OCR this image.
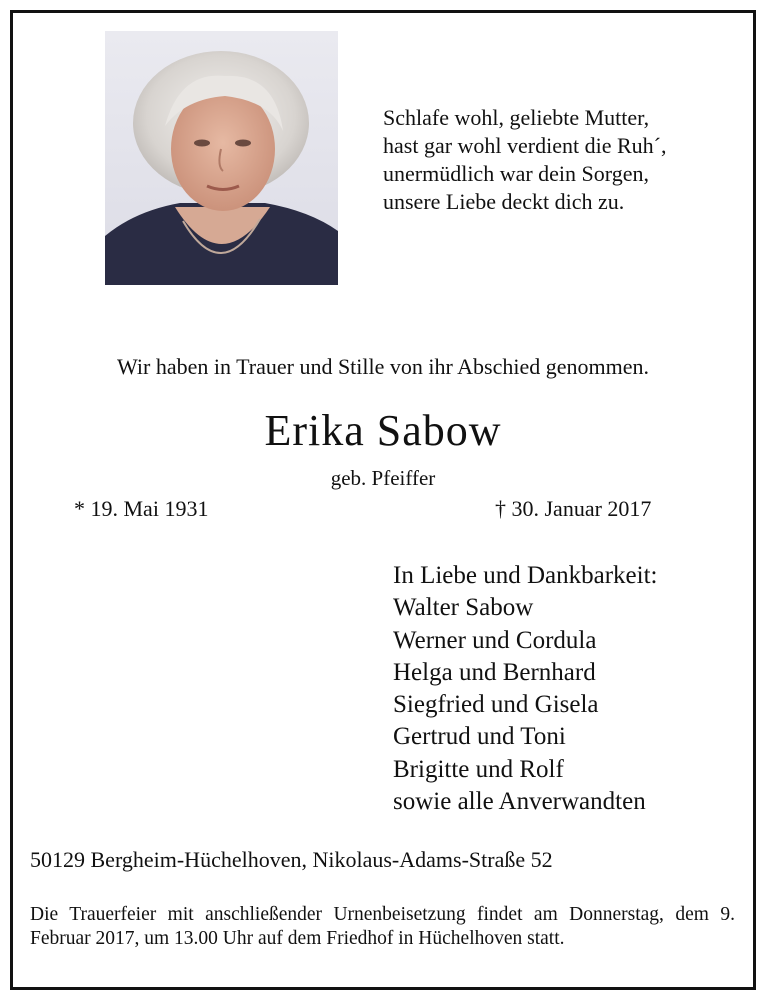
Schlafe wohl, geliebte Mutter,
hast gar wohl verdient die Ruh´,
unermüdlich war dein Sorgen,
unsere Liebe deckt dich zu.
Wir haben in Trauer und Stille von ihr Abschied genommen.
Erika Sabow
geb. Pfeiffer
* 19. Mai 1931	† 30. Januar 2017
In Liebe und Dankbarkeit:
Walter Sabow
Werner und Cordula
Helga und Bernhard
Siegfried und Gisela
Gertrud und Toni
Brigitte und Rolf
sowie alle Anverwandten
50129 Bergheim-Hüchelhoven, Nikolaus-Adams-Straße 52
Die Trauerfeier mit anschließender Urnenbeisetzung findet am Donnerstag, dem 9. Februar 2017, um 13.00 Uhr auf dem Friedhof in Hüchelhoven statt.
